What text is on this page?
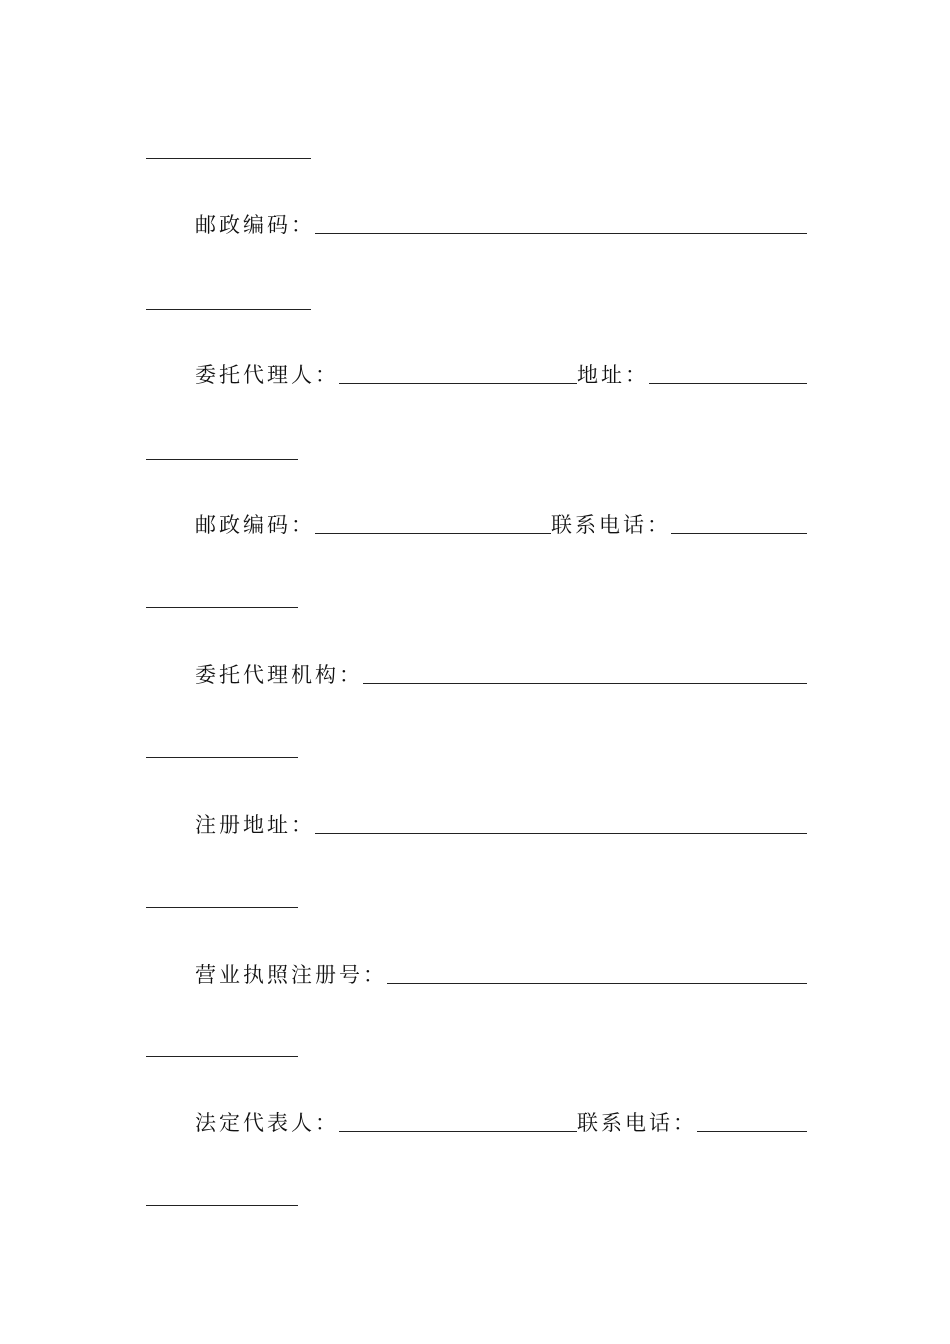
邮政编码：
委托代理人：	地址：
邮政编码：	联系电话：
委托代理机构：
注册地址：
营业执照注册号：
法定代表人：	联系电话：
